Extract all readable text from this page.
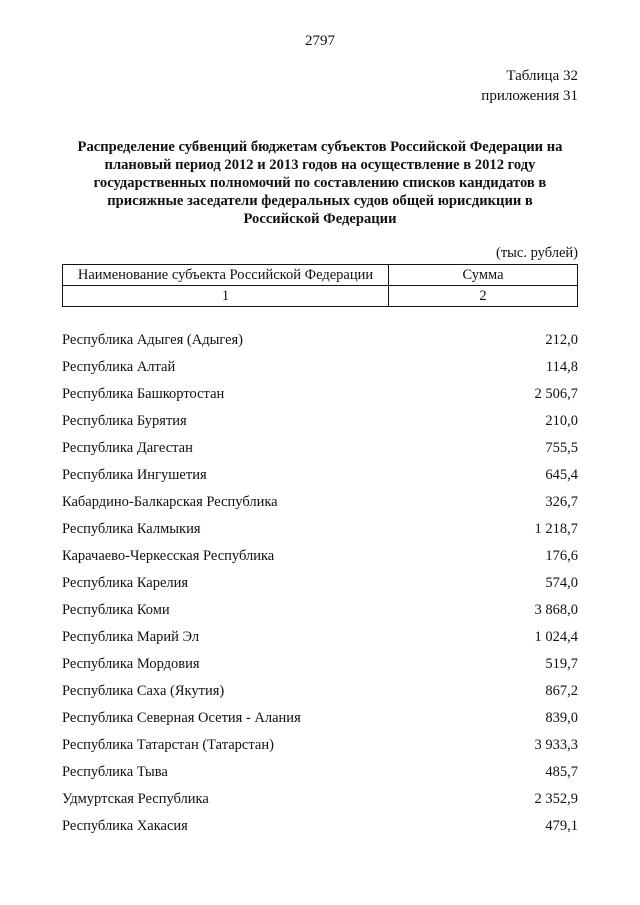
2797
Таблица 32
приложения 31
Распределение субвенций бюджетам субъектов Российской Федерации на
плановый период 2012 и 2013 годов на осуществление в 2012 году
государственных полномочий по составлению списков кандидатов в
присяжные заседатели федеральных судов общей юрисдикции в
Российской Федерации
(тыс. рублей)
Наименование субъекта Российской Федерации	Сумма
1	2
Республика Адыгея (Адыгея)	212,0
Республика Алтай	114,8
Республика Башкортостан	2 506,7
Республика Бурятия	210,0
Республика Дагестан	755,5
Республика Ингушетия	645,4
Кабардино-Балкарская Республика	326,7
Республика Калмыкия	1 218,7
Карачаево-Черкесская Республика	176,6
Республика Карелия	574,0
Республика Коми	3 868,0
Республика Марий Эл	1 024,4
Республика Мордовия	519,7
Республика Саха (Якутия)	867,2
Республика Северная Осетия - Алания	839,0
Республика Татарстан (Татарстан)	3 933,3
Республика Тыва	485,7
Удмуртская Республика	2 352,9
Республика Хакасия	479,1
